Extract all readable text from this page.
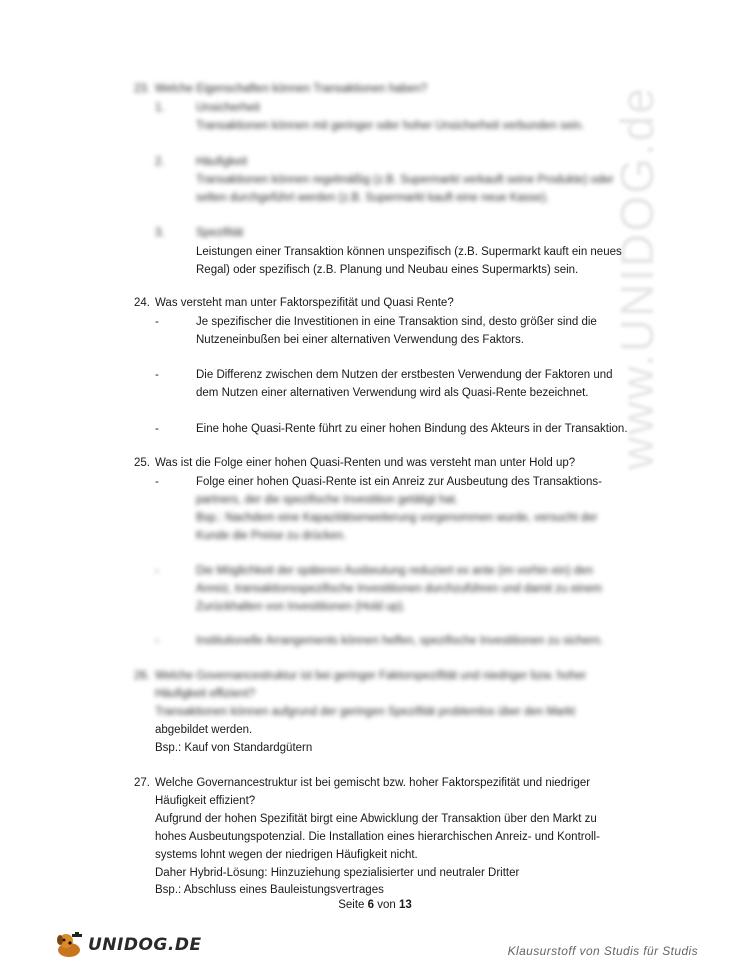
www.UNIDOG.de
23. Welche Eigenschaften können Transaktionen haben?
1.	Unsicherheit
Transaktionen können mit geringer oder hoher Unsicherheit verbunden sein.
2.	Häufigkeit
Transaktionen können regelmäßig (z.B. Supermarkt verkauft seine Produkte) oder
selten durchgeführt werden (z.B. Supermarkt kauft eine neue Kasse).
3.	Spezifität
Leistungen einer Transaktion können unspezifisch (z.B. Supermarkt kauft ein neues
Regal) oder spezifisch (z.B. Planung und Neubau eines Supermarkts) sein.
24. Was versteht man unter Faktorspezifität und Quasi Rente?
-	Je spezifischer die Investitionen in eine Transaktion sind, desto größer sind die
Nutzeneinbußen bei einer alternativen Verwendung des Faktors.
-	Die Differenz zwischen dem Nutzen der erstbesten Verwendung der Faktoren und
dem Nutzen einer alternativen Verwendung wird als Quasi-Rente bezeichnet.
-	Eine hohe Quasi-Rente führt zu einer hohen Bindung des Akteurs in der Transaktion.
25. Was ist die Folge einer hohen Quasi-Renten und was versteht man unter Hold up?
-	Folge einer hohen Quasi-Rente ist ein Anreiz zur Ausbeutung des Transaktions-
partners, der die spezifische Investition getätigt hat.
Bsp.: Nachdem eine Kapazitätserweiterung vorgenommen wurde, versucht der
Kunde die Preise zu drücken.
-	Die Möglichkeit der späteren Ausbeutung reduziert ex ante (im vorhin ein) den
Anreiz, transaktionsspezifische Investitionen durchzuführen und damit zu einem
Zurückhalten von Investitionen (Hold up).
-	Institutionelle Arrangements können helfen, spezifische Investitionen zu sichern.
26. Welche Governancestruktur ist bei geringer Faktorspezifität und niedriger bzw. hoher
Häufigkeit effizient?
Transaktionen können aufgrund der geringen Spezifität problemlos über den Markt
abgebildet werden.
Bsp.: Kauf von Standardgütern
27. Welche Governancestruktur ist bei gemischt bzw. hoher Faktorspezifität und niedriger
Häufigkeit effizient?
Aufgrund der hohen Spezifität birgt eine Abwicklung der Transaktion über den Markt zu
hohes Ausbeutungspotenzial. Die Installation eines hierarchischen Anreiz- und Kontroll-
systems lohnt wegen der niedrigen Häufigkeit nicht.
Daher Hybrid-Lösung: Hinzuziehung spezialisierter und neutraler Dritter
Bsp.: Abschluss eines Bauleistungsvertrages
Seite 6 von 13
UNIDOG.DE	Klausurstoff von Studis für Studis
